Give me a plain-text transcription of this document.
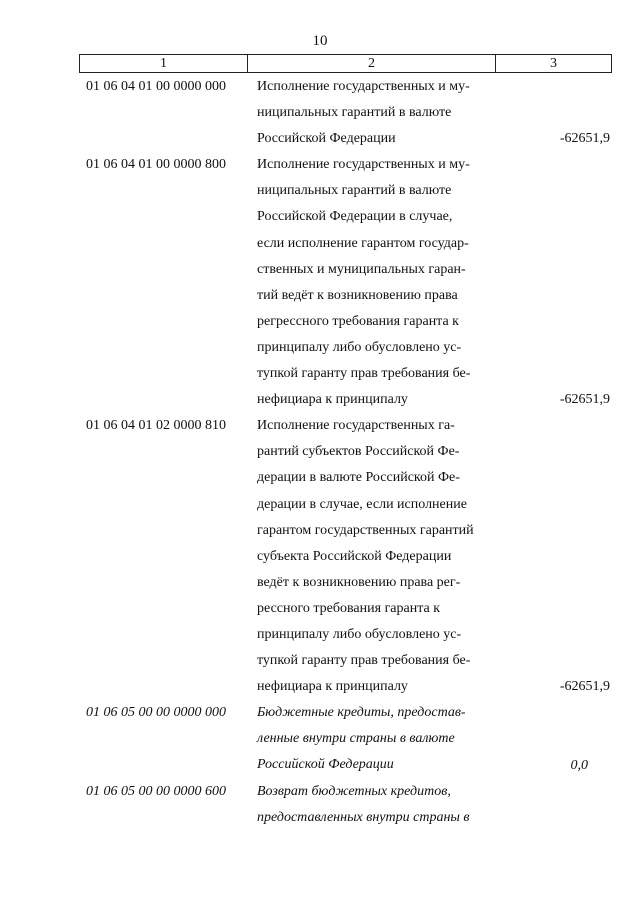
10
1	2	3
01 06 04 01 00 0000 000	Исполнение государственных и му-
ниципальных гарантий в валюте
Российской Федерации	-62651,9
01 06 04 01 00 0000 800	Исполнение государственных и му-
ниципальных гарантий в валюте
Российской Федерации в случае,
если исполнение гарантом государ-
ственных и муниципальных гаран-
тий ведёт к возникновению права
регрессного требования гаранта к
принципалу либо обусловлено ус-
тупкой гаранту прав требования бе-
нефициара к принципалу	-62651,9
01 06 04 01 02 0000 810	Исполнение государственных га-
рантий субъектов Российской Фе-
дерации в валюте Российской Фе-
дерации в случае, если исполнение
гарантом государственных гарантий
субъекта Российской Федерации
ведёт к возникновению права рег-
рессного требования гаранта к
принципалу либо обусловлено ус-
тупкой гаранту прав требования бе-
нефициара к принципалу	-62651,9
01 06 05 00 00 0000 000	Бюджетные кредиты, предостав-
ленные внутри страны в валюте
Российской Федерации	0,0
01 06 05 00 00 0000 600	Возврат бюджетных кредитов,
предоставленных внутри страны в
